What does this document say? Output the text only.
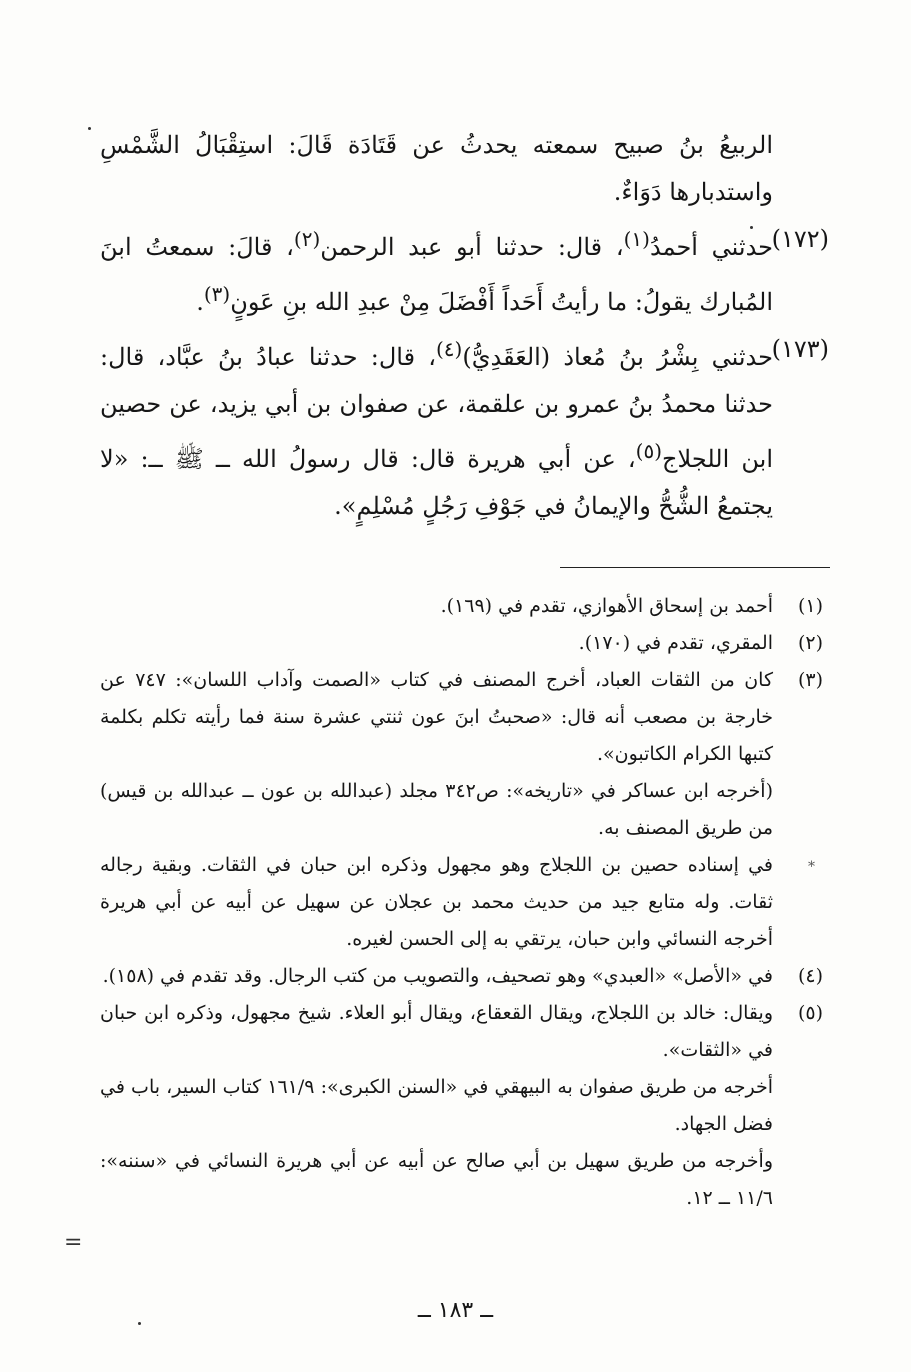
الربيعُ بنُ صبيح سمعته يحدثُ عن قَتَادَة قَالَ: استِقْبَالُ الشَّمْسِ واستدبارها دَوَاءٌ.

(١٧٢)
حدثني أحمدُ$^{(١)}$، قال: حدثنا أبو عبد الرحمن$^{(٢)}$، قالَ: سمعتُ ابنَ المُبارك يقولُ: ما رأيتُ أَحَداً أَفْضَلَ مِنْ عبدِ الله بنِ عَونٍ$^{(٣)}$.

(١٧٣)
حدثني بِشْرُ بنُ مُعاذ (العَقَدِيُّ)$^{(٤)}$، قال: حدثنا عبادُ بنُ عبَّاد، قال: حدثنا محمدُ بنُ عمرو بن علقمة، عن صفوان بن أبي يزيد، عن حصين ابن اللجلاج$^{(٥)}$، عن أبي هريرة قال: قال رسولُ الله ــ ﷺ ــ: «لا يجتمعُ الشُّحُّ والإيمانُ في جَوْفِ رَجُلٍ مُسْلِمٍ».

(١)
أحمد بن إسحاق الأهوازي، تقدم في (١٦٩).

(٢)
المقري، تقدم في (١٧٠).

(٣)
كان من الثقات العباد، أخرج المصنف في كتاب «الصمت وآداب اللسان»: ٧٤٧ عن خارجة بن مصعب أنه قال: «صحبتُ ابنَ عون ثنتي عشرة سنة فما رأيته تكلم بكلمة كتبها الكرام الكاتبون».

(أخرجه ابن عساكر في «تاريخه»: ص٣٤٢ مجلد (عبدالله بن عون ــ عبدالله بن قيس) من طريق المصنف به.

*
في إسناده حصين بن اللجلاج وهو مجهول وذكره ابن حبان في الثقات. وبقية رجاله ثقات. وله متابع جيد من حديث محمد بن عجلان عن سهيل عن أبيه عن أبي هريرة أخرجه النسائي وابن حبان، يرتقي به إلى الحسن لغيره.

(٤)
في «الأصل» «العبدي» وهو تصحيف، والتصويب من كتب الرجال. وقد تقدم في (١٥٨).

(٥)
ويقال: خالد بن اللجلاج، ويقال القعقاع، ويقال أبو العلاء. شيخ مجهول، وذكره ابن حبان في «الثقات».

أخرجه من طريق صفوان به البيهقي في «السنن الكبرى»: ١٦١/٩ كتاب السير، باب في فضل الجهاد.

وأخرجه من طريق سهيل بن أبي صالح عن أبيه عن أبي هريرة النسائي في «سننه»: ١١/٦ ــ ١٢.

=
ــ ١٨٣ ــ
